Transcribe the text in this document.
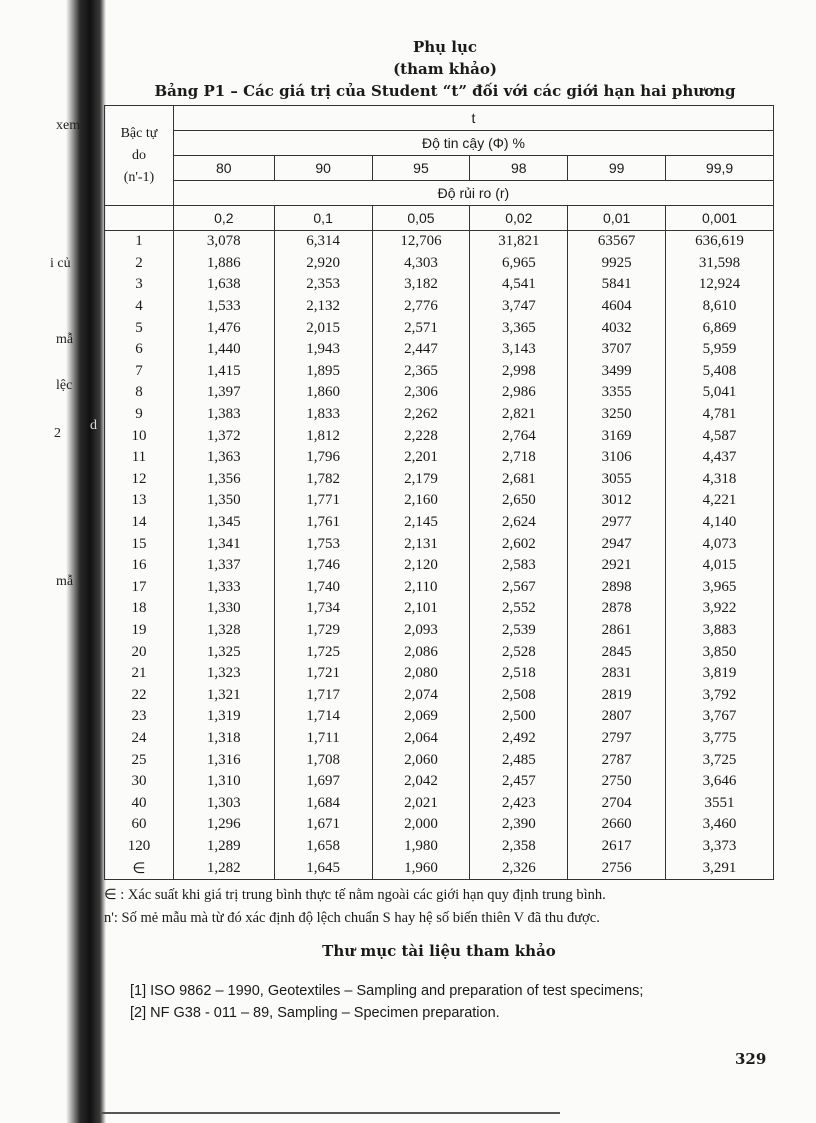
xem
i củ
mẫ
lệc
2
d
mẫ
Phụ lục
(tham khảo)
Bảng P1 – Các giá trị của Student “t” đối với các giới hạn hai phương
Bậc tự
do
(n'-1)	t					
	Độ tin cậy (Φ) %					
	80	90	95	98	99	99,9
	Độ rủi ro (r)					
	0,2	0,1	0,05	0,02	0,01	0,001
1	3,078	6,314	12,706	31,821	63567	636,619
2	1,886	2,920	4,303	6,965	9925	31,598
3	1,638	2,353	3,182	4,541	5841	12,924
4	1,533	2,132	2,776	3,747	4604	8,610
5	1,476	2,015	2,571	3,365	4032	6,869
6	1,440	1,943	2,447	3,143	3707	5,959
7	1,415	1,895	2,365	2,998	3499	5,408
8	1,397	1,860	2,306	2,986	3355	5,041
9	1,383	1,833	2,262	2,821	3250	4,781
10	1,372	1,812	2,228	2,764	3169	4,587
11	1,363	1,796	2,201	2,718	3106	4,437
12	1,356	1,782	2,179	2,681	3055	4,318
13	1,350	1,771	2,160	2,650	3012	4,221
14	1,345	1,761	2,145	2,624	2977	4,140
15	1,341	1,753	2,131	2,602	2947	4,073
16	1,337	1,746	2,120	2,583	2921	4,015
17	1,333	1,740	2,110	2,567	2898	3,965
18	1,330	1,734	2,101	2,552	2878	3,922
19	1,328	1,729	2,093	2,539	2861	3,883
20	1,325	1,725	2,086	2,528	2845	3,850
21	1,323	1,721	2,080	2,518	2831	3,819
22	1,321	1,717	2,074	2,508	2819	3,792
23	1,319	1,714	2,069	2,500	2807	3,767
24	1,318	1,711	2,064	2,492	2797	3,775
25	1,316	1,708	2,060	2,485	2787	3,725
30	1,310	1,697	2,042	2,457	2750	3,646
40	1,303	1,684	2,021	2,423	2704	3551
60	1,296	1,671	2,000	2,390	2660	3,460
120	1,289	1,658	1,980	2,358	2617	3,373
∈	1,282	1,645	1,960	2,326	2756	3,291
∈ : Xác suất khi giá trị trung bình thực tế nằm ngoài các giới hạn quy định trung bình.
n': Số mẻ mẫu mà từ đó xác định độ lệch chuẩn S hay hệ số biến thiên V đã thu được.
Thư mục tài liệu tham khảo
[1] ISO 9862 – 1990, Geotextiles – Sampling and preparation of test specimens;
[2] NF G38 - 011 – 89, Sampling – Specimen preparation.
329
